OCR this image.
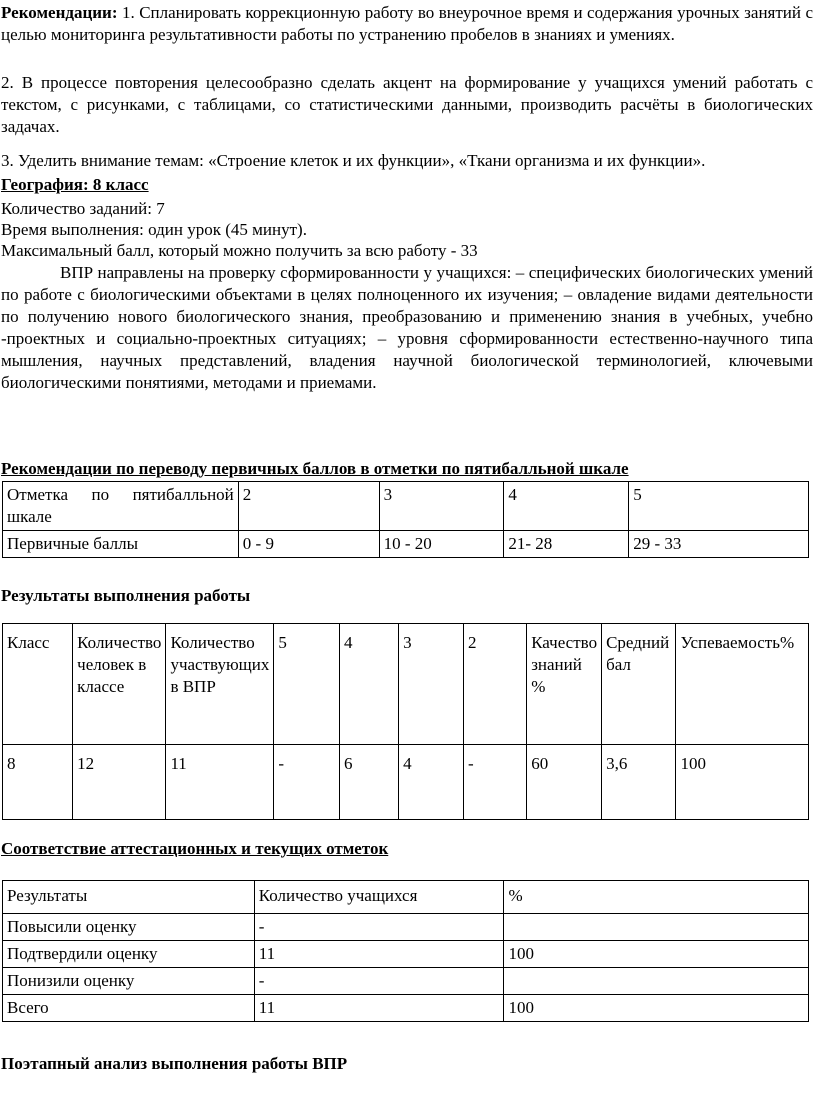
Рекомендации: 1. Спланировать коррекционную работу во внеурочное время и содержания урочных занятий с целью мониторинга результативности работы по устранению пробелов в знаниях и умениях.
2. В процессе повторения целесообразно сделать акцент на формирование у учащихся умений работать с текстом, с рисунками, с таблицами, со статистическими данными, производить расчёты в биологических задачах.
3. Уделить внимание темам: «Строение клеток и их функции», «Ткани организма и их функции».
География: 8 класс
Количество заданий: 7
Время выполнения: один урок (45 минут).
Максимальный балл, который можно получить за всю работу - 33
ВПР направлены на проверку сформированности у учащихся: – специфических биологических умений по работе с биологическими объектами в целях полноценного их изучения; – овладение видами деятельности по получению нового биологического знания, преобразованию и применению знания в учебных, учебно -проектных и социально-проектных ситуациях; – уровня сформированности естественно-научного типа мышления, научных представлений, владения научной биологической терминологией, ключевыми биологическими понятиями, методами и приемами.
Рекомендации по переводу первичных баллов в отметки по пятибалльной шкале
Отметка по пятибалльной шкале	2	3	4	5
Первичные баллы	0 - 9	10 - 20	21- 28	29 - 33
Результаты выполнения работы
Класс	Количество человек в классе	Количество участвующих в ВПР	5	4	3	2	Качество знаний %	Средний бал	Успеваемость%
8	12	11	-	6	4	-	60	3,6	100
Соответствие аттестационных и текущих отметок
Результаты	Количество учащихся	%
Повысили оценку	-	
Подтвердили оценку	11	100
Понизили оценку	-	
Всего	11	100
Поэтапный анализ выполнения работы ВПР
